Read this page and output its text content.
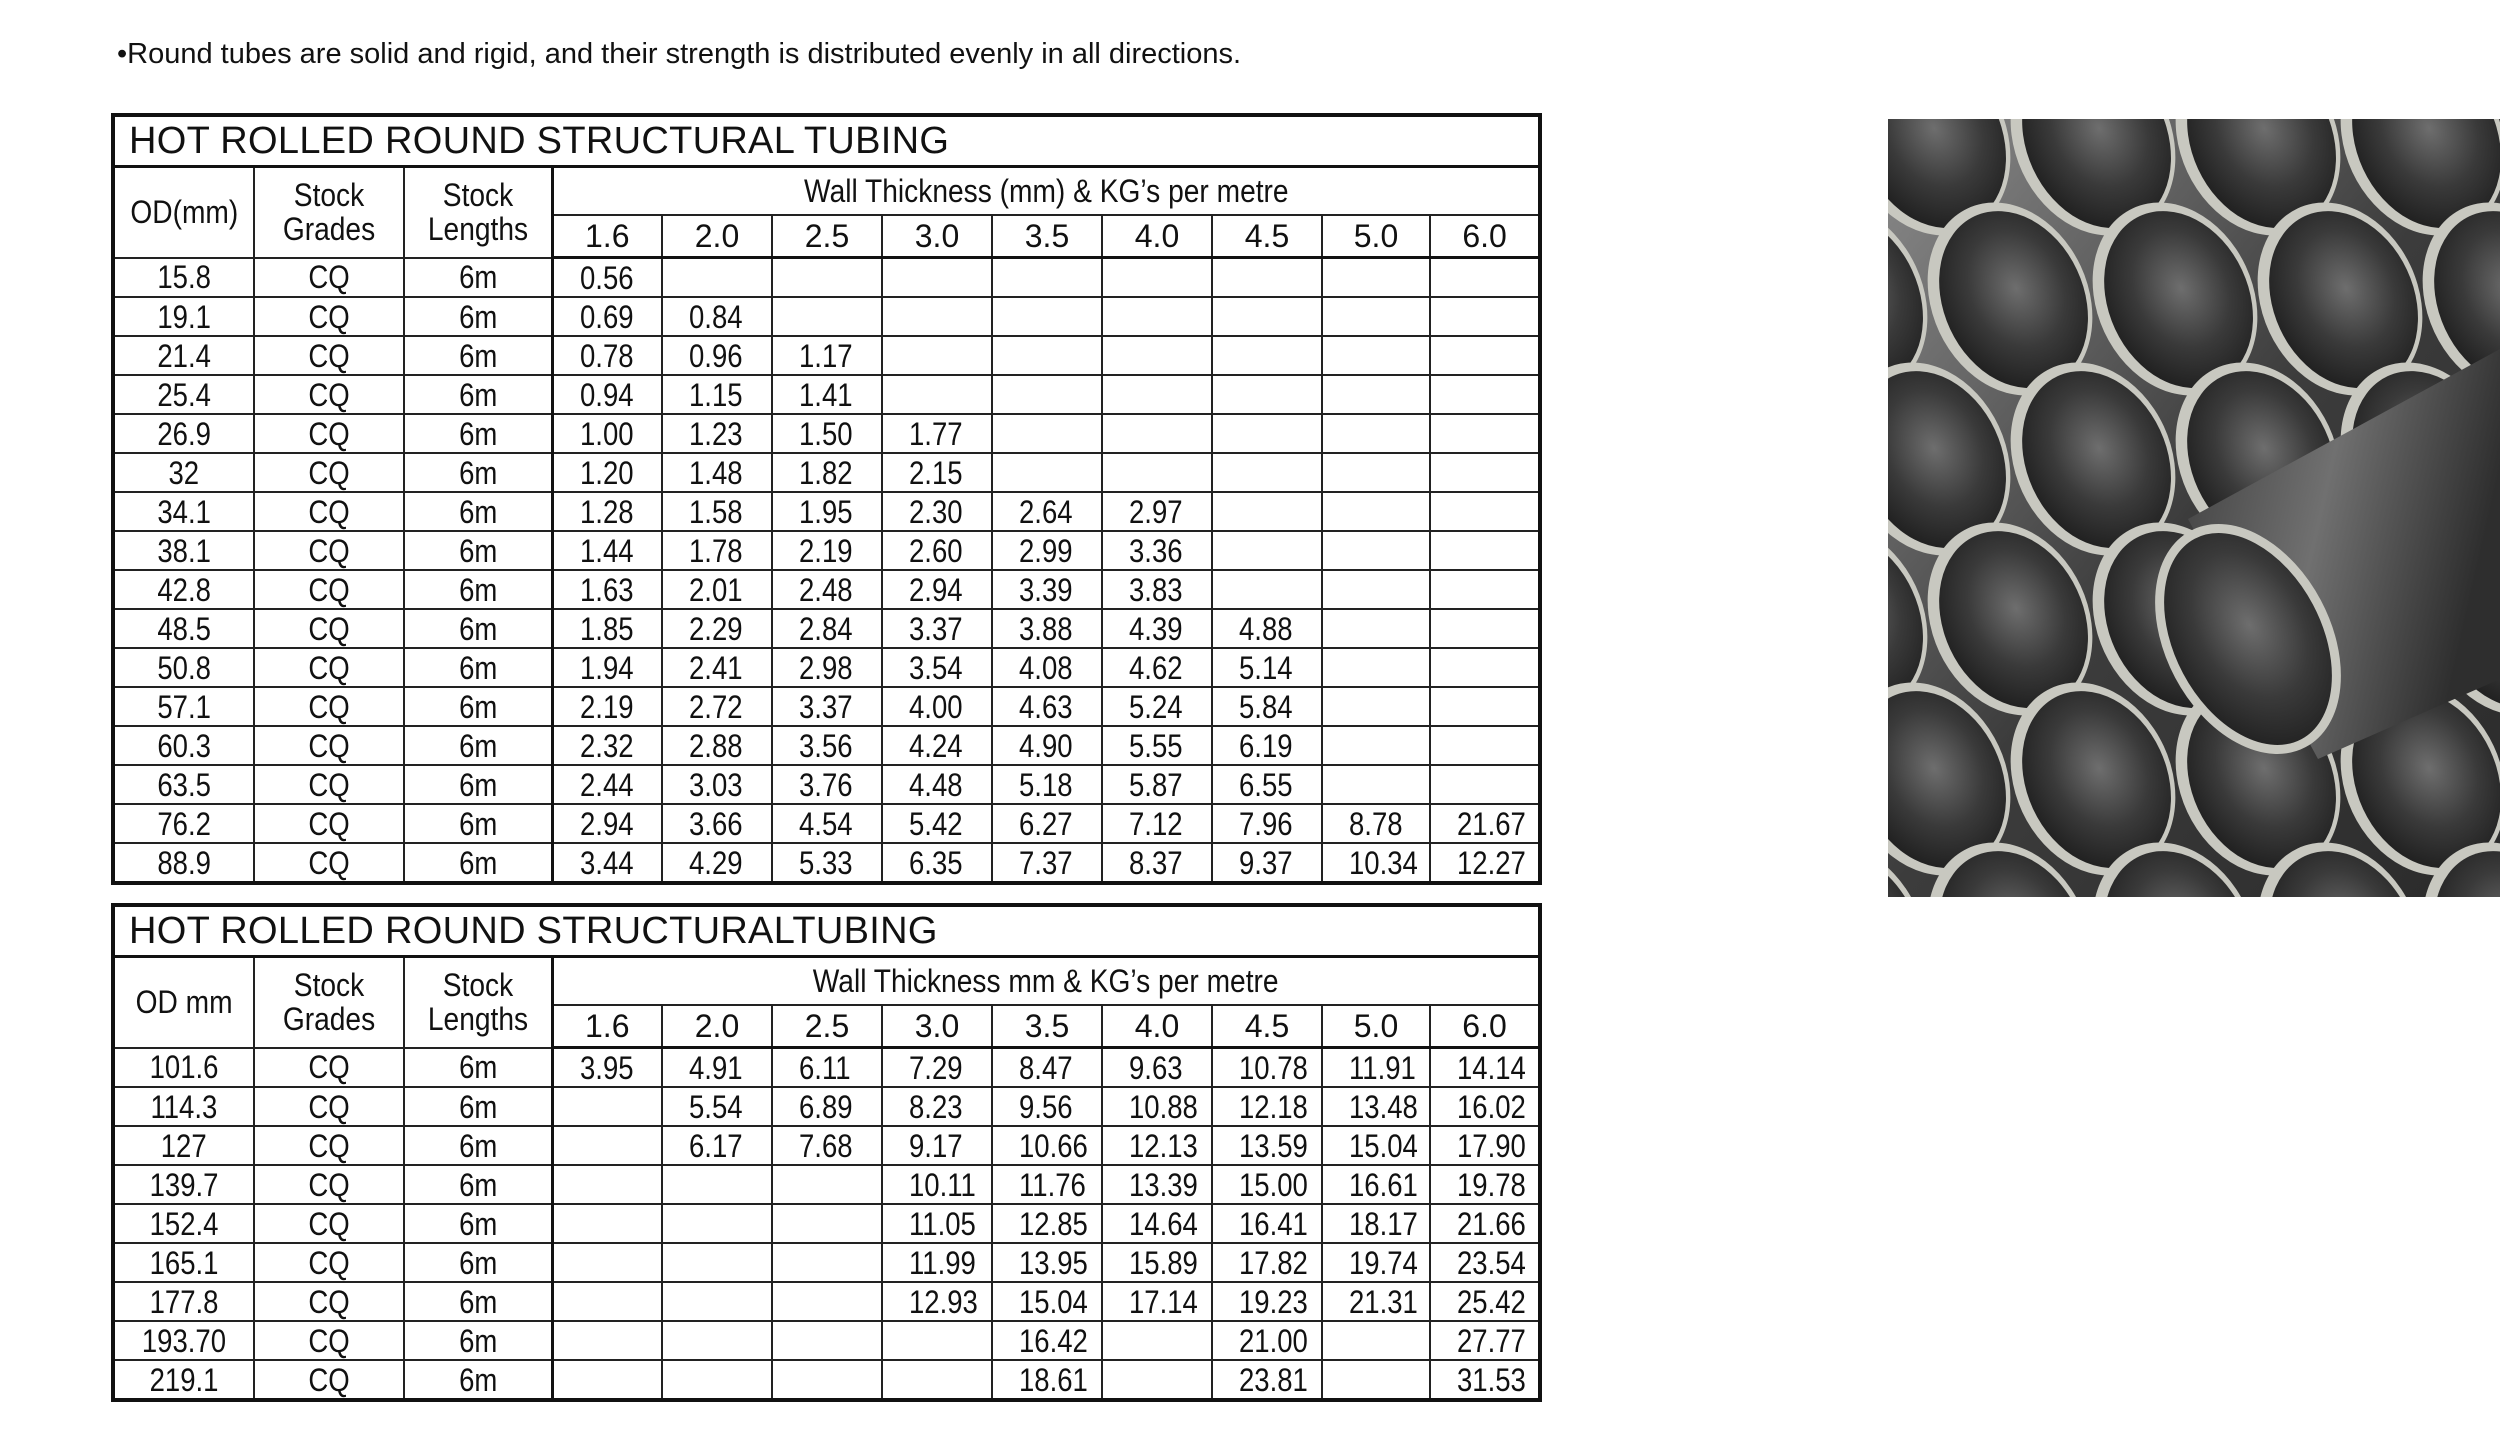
•Round tubes are solid and rigid, and their strength is distributed evenly in all directions.
HOT ROLLED ROUND STRUCTURAL TUBING											
OD(mm)	Stock Grades	Stock Lengths	Wall Thickness (mm) & KG’s per metre								
			1.6	2.0	2.5	3.0	3.5	4.0	4.5	5.0	6.0
15.8	CQ	6m	0.56								
19.1	CQ	6m	0.69	0.84							
21.4	CQ	6m	0.78	0.96	1.17						
25.4	CQ	6m	0.94	1.15	1.41						
26.9	CQ	6m	1.00	1.23	1.50	1.77					
32	CQ	6m	1.20	1.48	1.82	2.15					
34.1	CQ	6m	1.28	1.58	1.95	2.30	2.64	2.97			
38.1	CQ	6m	1.44	1.78	2.19	2.60	2.99	3.36			
42.8	CQ	6m	1.63	2.01	2.48	2.94	3.39	3.83			
48.5	CQ	6m	1.85	2.29	2.84	3.37	3.88	4.39	4.88		
50.8	CQ	6m	1.94	2.41	2.98	3.54	4.08	4.62	5.14		
57.1	CQ	6m	2.19	2.72	3.37	4.00	4.63	5.24	5.84		
60.3	CQ	6m	2.32	2.88	3.56	4.24	4.90	5.55	6.19		
63.5	CQ	6m	2.44	3.03	3.76	4.48	5.18	5.87	6.55		
76.2	CQ	6m	2.94	3.66	4.54	5.42	6.27	7.12	7.96	8.78	21.67
88.9	CQ	6m	3.44	4.29	5.33	6.35	7.37	8.37	9.37	10.34	12.27
HOT ROLLED ROUND STRUCTURALTUBING											
OD mm	Stock Grades	Stock Lengths	Wall Thickness mm & KG’s per metre								
			1.6	2.0	2.5	3.0	3.5	4.0	4.5	5.0	6.0
101.6	CQ	6m	3.95	4.91	6.11	7.29	8.47	9.63	10.78	11.91	14.14
114.3	CQ	6m		5.54	6.89	8.23	9.56	10.88	12.18	13.48	16.02
127	CQ	6m		6.17	7.68	9.17	10.66	12.13	13.59	15.04	17.90
139.7	CQ	6m				10.11	11.76	13.39	15.00	16.61	19.78
152.4	CQ	6m				11.05	12.85	14.64	16.41	18.17	21.66
165.1	CQ	6m				11.99	13.95	15.89	17.82	19.74	23.54
177.8	CQ	6m				12.93	15.04	17.14	19.23	21.31	25.42
193.70	CQ	6m					16.42		21.00		27.77
219.1	CQ	6m					18.61		23.81		31.53
